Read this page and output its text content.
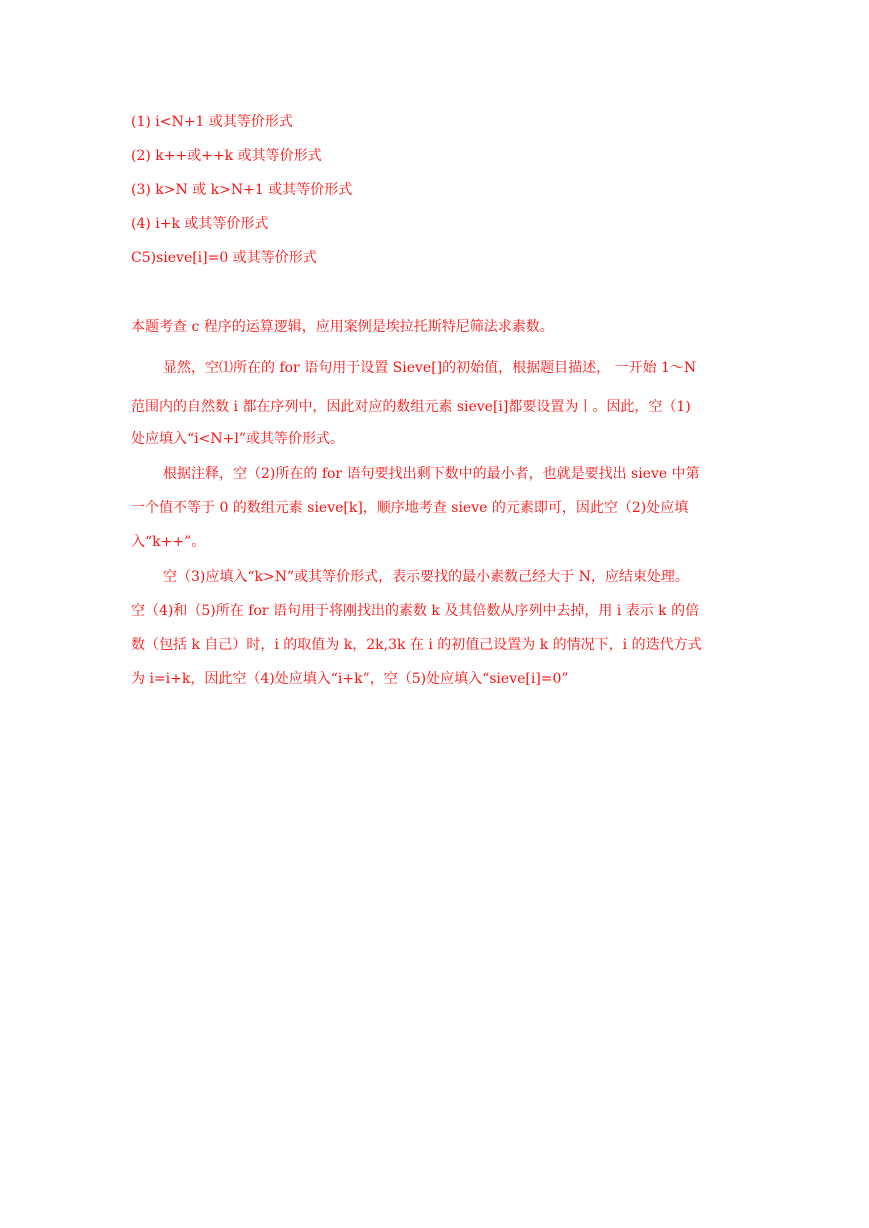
(1) i<N+1 或其等价形式
(2) k++或++k 或其等价形式
(3) k>N 或 k>N+1 或其等价形式
(4) i+k 或其等价形式
C5)sieve[i]=0 或其等价形式
本题考查 c 程序的运算逻辑，应用案例是埃拉托斯特尼筛法求素数。
显然，空⑴所在的 for 语句用于设置 Sieve[]的初始值，根据题目描述， 一开始 1〜N
范围内的自然数 i 都在序列中，因此对应的数组元素 sieve[i]都要设置为丨。因此，空（1)
处应填入“i<N+l”或其等价形式。
根据注释，空（2)所在的 for 语句要找出剩下数中的最小者，也就是要找出 sieve 中第
一个值不等于 0 的数组元素 sieve[k]，顺序地考查 sieve 的元素即可，因此空（2)处应填
入“k++”。
空（3)应填入“k>N”或其等价形式，表示要找的最小素数己经大于 N，应结束处理。
空（4)和（5)所在 for 语句用于将刚找出的素数 k 及其倍数从序列中去掉，用 i 表示 k 的倍
数（包括 k 自己）时，i 的取值为 k，2k,3k 在 i 的初值己设置为 k 的情况下，i 的迭代方式
为 i=i+k，因此空（4)处应填入“i+k”，空（5)处应填入“sieve[i]=0”
